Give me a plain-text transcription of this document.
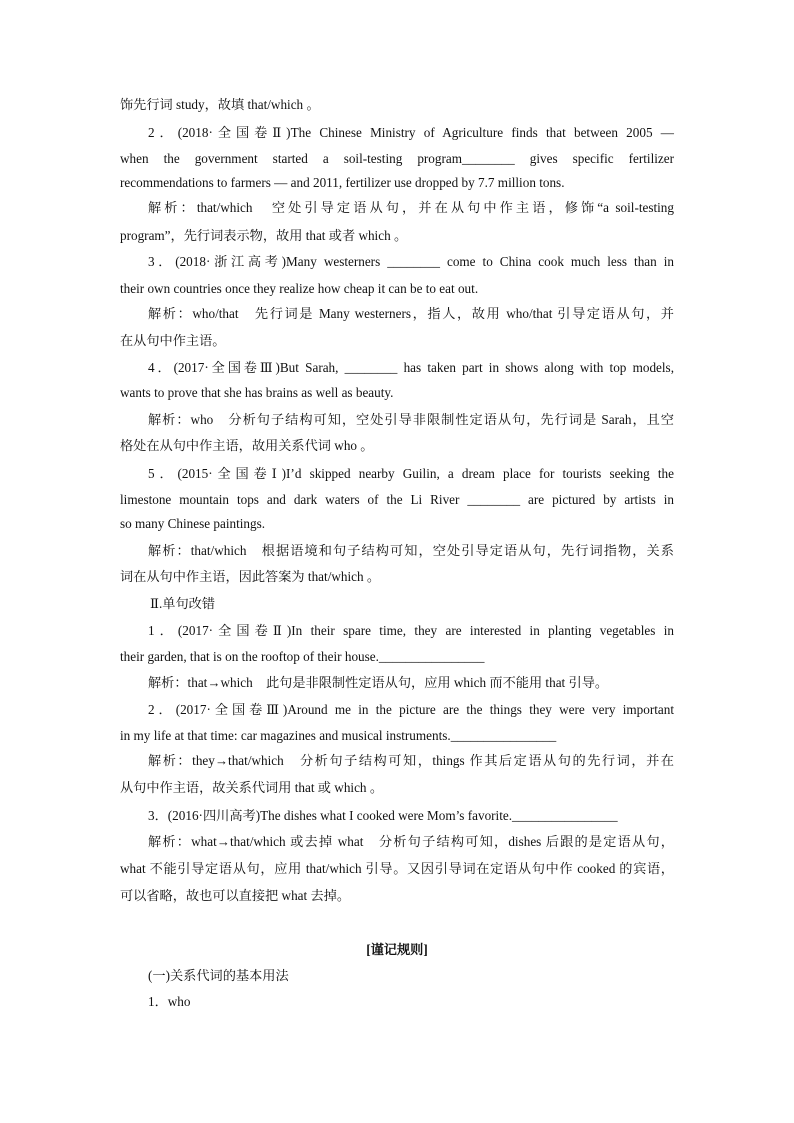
饰先行词 study，故填 that/which 。
2．(2018·全国卷Ⅱ)The Chinese Ministry of Agriculture finds that between 2005 —
when the government started a soil-testing program________ gives specific fertilizer
recommendations to farmers — and 2011, fertilizer use dropped by 7.7 million tons.
解析：that/which　空处引导定语从句，并在从句中作主语，修饰“a soil-testing
program”，先行词表示物，故用 that 或者 which 。
3．(2018·浙江高考)Many westerners ________ come to China cook much less than in
their own countries once they realize how cheap it can be to eat out.
解析：who/that　先行词是 Many westerners，指人，故用 who/that 引导定语从句，并
在从句中作主语。
4．(2017·全国卷Ⅲ)But Sarah, ________ has taken part in shows along with top models,
wants to prove that she has brains as well as beauty.
解析：who　分析句子结构可知，空处引导非限制性定语从句，先行词是 Sarah，且空
格处在从句中作主语，故用关系代词 who 。
5．(2015·全国卷Ⅰ)I’d skipped nearby Guilin, a dream place for tourists seeking the
limestone mountain tops and dark waters of the Li River ________ are pictured by artists in
so many Chinese paintings.
解析：that/which　根据语境和句子结构可知，空处引导定语从句，先行词指物，关系
词在从句中作主语，因此答案为 that/which 。
Ⅱ.单句改错
1．(2017·全国卷Ⅱ)In their spare time, they are interested in planting vegetables in
their garden, that is on the rooftop of their house.________________
解析：that→which　此句是非限制性定语从句，应用 which 而不能用 that 引导。
2．(2017·全国卷Ⅲ)Around me in the picture are the things they were very important
in my life at that time: car magazines and musical instruments.________________
解析：they→that/which　分析句子结构可知，things 作其后定语从句的先行词，并在
从句中作主语，故关系代词用 that 或 which 。
3．(2016·四川高考)The dishes what I cooked were Mom’s favorite.________________
解析：what→that/which 或去掉 what　分析句子结构可知，dishes 后跟的是定语从句，
what 不能引导定语从句，应用 that/which 引导。又因引导词在定语从句中作 cooked 的宾语，
可以省略，故也可以直接把 what 去掉。
[谨记规则]
(一)关系代词的基本用法
1．who
